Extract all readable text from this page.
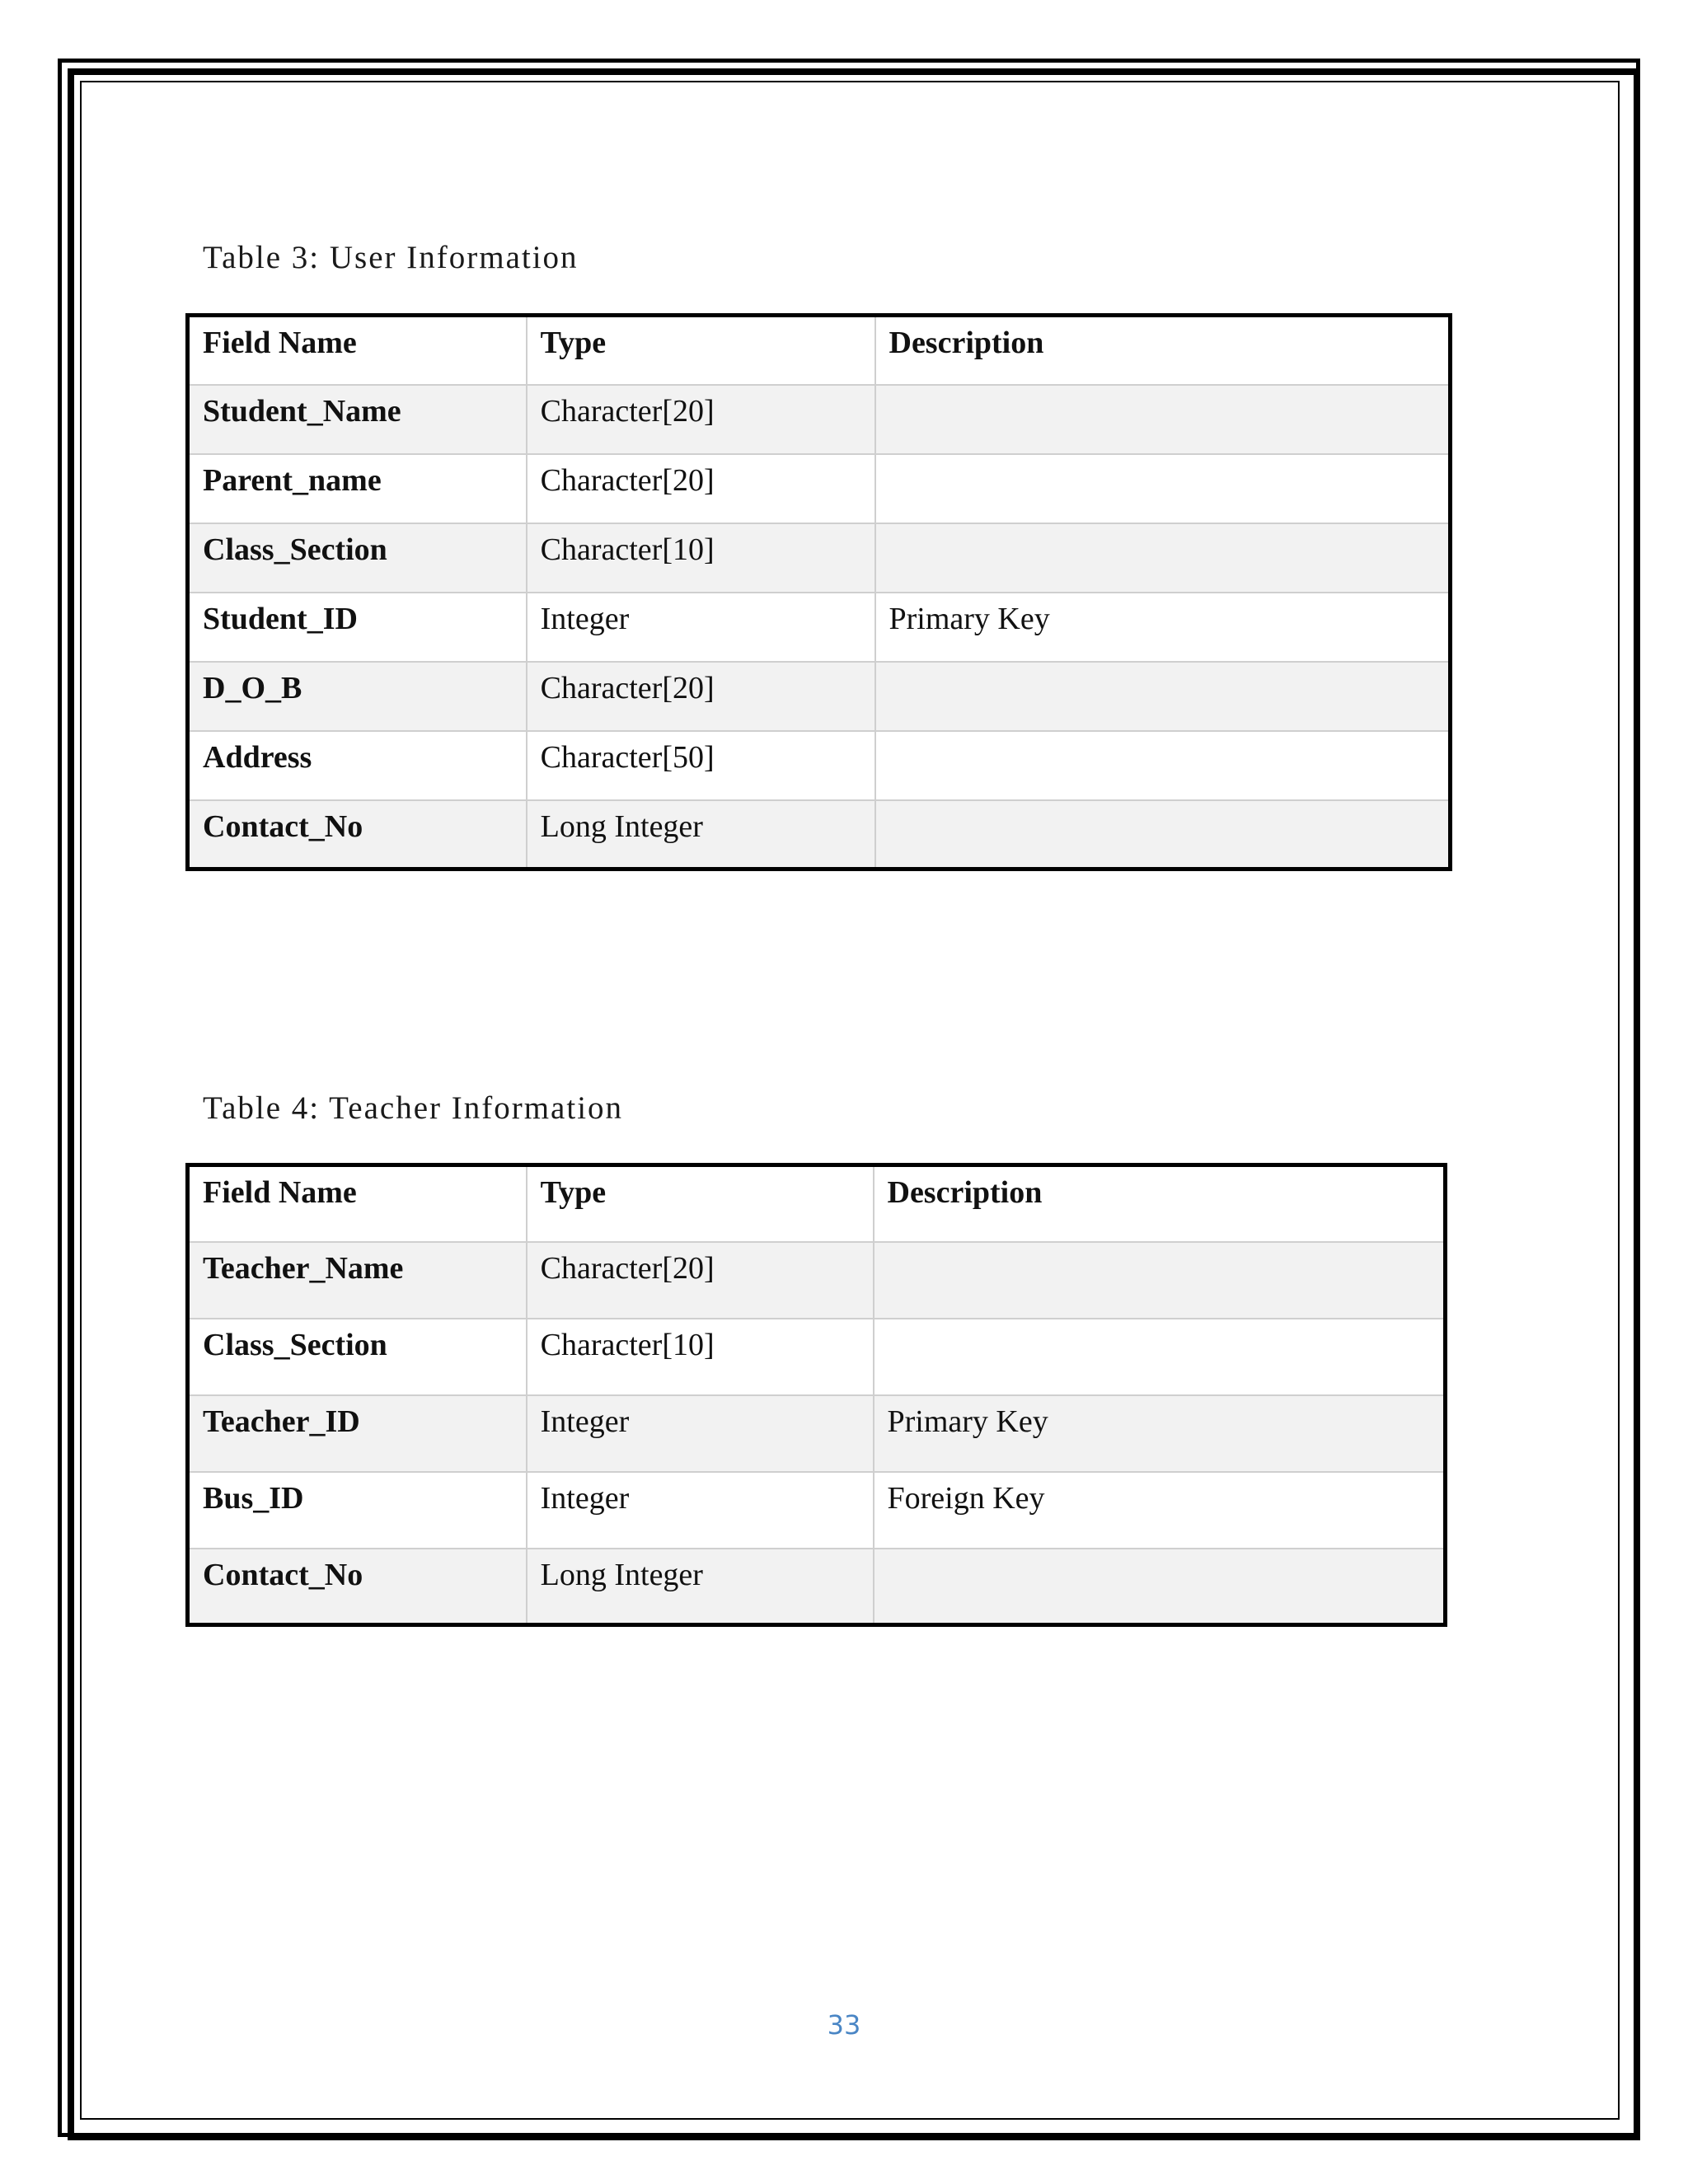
Table 3: User Information
Field Name	Type	Description
Student_Name	Character[20]	
Parent_name	Character[20]	
Class_Section	Character[10]	
Student_ID	Integer	Primary Key
D_O_B	Character[20]	
Address	Character[50]	
Contact_No	Long Integer	
Table 4: Teacher Information
Field Name	Type	Description
Teacher_Name	Character[20]	
Class_Section	Character[10]	
Teacher_ID	Integer	Primary Key
Bus_ID	Integer	Foreign Key
Contact_No	Long Integer	
33
